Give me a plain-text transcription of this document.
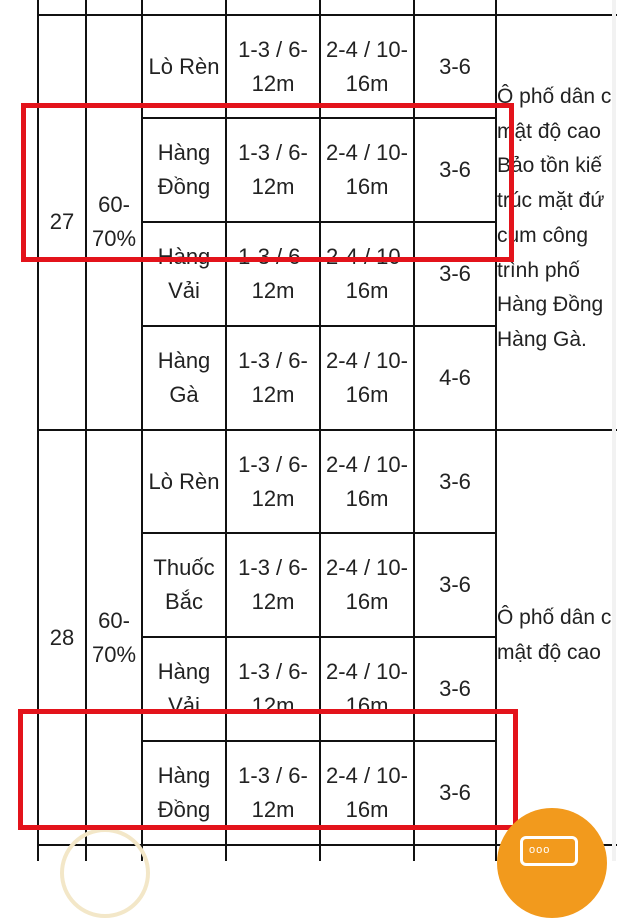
27
60-70%
Lò Rèn
1-3 / 6-12m
2-4 / 10-16m
3-6
Hàng Đồng
1-3 / 6-12m
2-4 / 10-16m
3-6
Hàng Vải
1-3 / 6-12m
2-4 / 10-16m
3-6
Hàng Gà
1-3 / 6-12m
2-4 / 10-16m
4-6
Ô phố dân c
mật độ cao
Bảo tồn kiế
trúc mặt đứ
cụm công
trình phố
Hàng Đồng
Hàng Gà.
28
60-70%
Lò Rèn
1-3 / 6-12m
2-4 / 10-16m
3-6
Thuốc Bắc
1-3 / 6-12m
2-4 / 10-16m
3-6
Hàng Vải
1-3 / 6-12m
2-4 / 10-16m
3-6
Hàng Đồng
1-3 / 6-12m
2-4 / 10-16m
3-6
Ô phố dân c
mật độ cao
ooo
